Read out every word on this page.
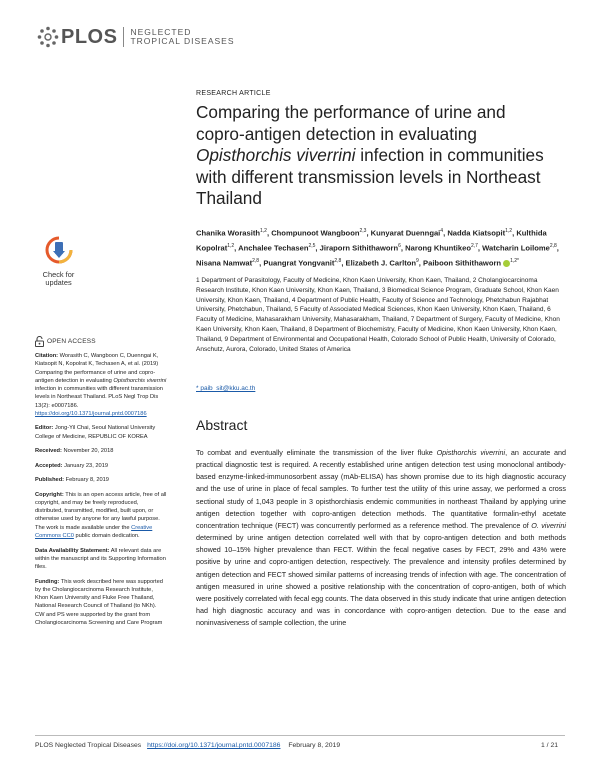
PLOS NEGLECTED
TROPICAL DISEASES
RESEARCH ARTICLE
Comparing the performance of urine and copro-antigen detection in evaluating Opisthorchis viverrini infection in communities with different transmission levels in Northeast Thailand
Chanika Worasith$^{1,2}$, Chompunoot Wangboon$^{2,3}$, Kunyarat Duenngai$^4$, Nadda Kiatsopit$^{1,2}$, Kulthida Kopolrat$^{1,2}$, Anchalee Techasen$^{2,5}$, Jiraporn Sithithaworn$^6$, Narong Khuntikeo$^{2,7}$, Watcharin Loilome$^{2,8}$, Nisana Namwat$^{2,8}$, Puangrat Yongvanit$^{2,8}$, Elizabeth J. Carlton$^9$, Paiboon Sithithaworn $^{1,2*}$
1 Department of Parasitology, Faculty of Medicine, Khon Kaen University, Khon Kaen, Thailand, 2 Cholangiocarcinoma Research Institute, Khon Kaen University, Khon Kaen, Thailand, 3 Biomedical Science Program, Graduate School, Khon Kaen University, Khon Kaen, Thailand, 4 Department of Public Health, Faculty of Science and Technology, Phetchabun Rajabhat University, Phetchabun, Thailand, 5 Faculty of Associated Medical Sciences, Khon Kaen University, Khon Kaen, Thailand, 6 Faculty of Medicine, Mahasarakham University, Mahasarakham, Thailand, 7 Department of Surgery, Faculty of Medicine, Khon Kaen University, Khon Kaen, Thailand, 8 Department of Biochemistry, Faculty of Medicine, Khon Kaen University, Khon Kaen, Thailand, 9 Department of Environmental and Occupational Health, Colorado School of Public Health, University of Colorado, Anschutz, Aurora, Colorado, United States of America
* paib_sit@kku.ac.th
Abstract
To combat and eventually eliminate the transmission of the liver fluke Opisthorchis viverrini, an accurate and practical diagnostic test is required. A recently established urine antigen detection test using monoclonal antibody-based enzyme-linked-immunosorbent assay (mAb-ELISA) has shown promise due to its high diagnostic accuracy and the use of urine in place of fecal samples. To further test the utility of this urine assay, we performed a cross sectional study of 1,043 people in 3 opisthorchiasis endemic communities in northeast Thailand by applying urine antigen detection together with copro-antigen detection methods. The quantitative formalin-ethyl acetate concentration technique (FECT) was concurrently performed as a reference method. The prevalence of O. viverrini determined by urine antigen detection correlated well with that by copro-antigen detection and both methods showed 10–15% higher prevalence than FECT. Within the fecal negative cases by FECT, 29% and 43% were positive by urine and copro-antigen detection, respectively. The prevalence and intensity profiles determined by antigen detection and FECT showed similar patterns of increasing trends of infection with age. The concentration of antigen measured in urine showed a positive relationship with the concentration of copro-antigen, both of which were positively correlated with fecal egg counts. The data observed in this study indicate that urine antigen detection had high diagnostic accuracy and was in concordance with copro-antigen detection. Due to the ease and noninvasiveness of sample collection, the urine
Check for
updates
OPEN ACCESS

Citation: Worasith C, Wangboon C, Duenngai K, Kiatsopit N, Kopolrat K, Techasen A, et al. (2019) Comparing the performance of urine and copro-antigen detection in evaluating Opisthorchis viverrini infection in communities with different transmission levels in Northeast Thailand. PLoS Negl Trop Dis 13(2): e0007186. https://doi.org/10.1371/journal.pntd.0007186

Editor: Jong-Yil Chai, Seoul National University College of Medicine, REPUBLIC OF KOREA

Received: November 20, 2018

Accepted: January 23, 2019

Published: February 8, 2019

Copyright: This is an open access article, free of all copyright, and may be freely reproduced, distributed, transmitted, modified, built upon, or otherwise used by anyone for any lawful purpose. The work is made available under the Creative Commons CC0 public domain dedication.

Data Availability Statement: All relevant data are within the manuscript and its Supporting Information files.

Funding: This work described here was supported by the Cholangiocarcinoma Research Institute, Khon Kaen University and Fluke Free Thailand, National Research Council of Thailand (to NKh). CW and PS were supported by the grant from Cholangiocarcinoma Screening and Care Program

PLOS Neglected Tropical Diseases https://doi.org/10.1371/journal.pntd.0007186 February 8, 2019	1 / 21
